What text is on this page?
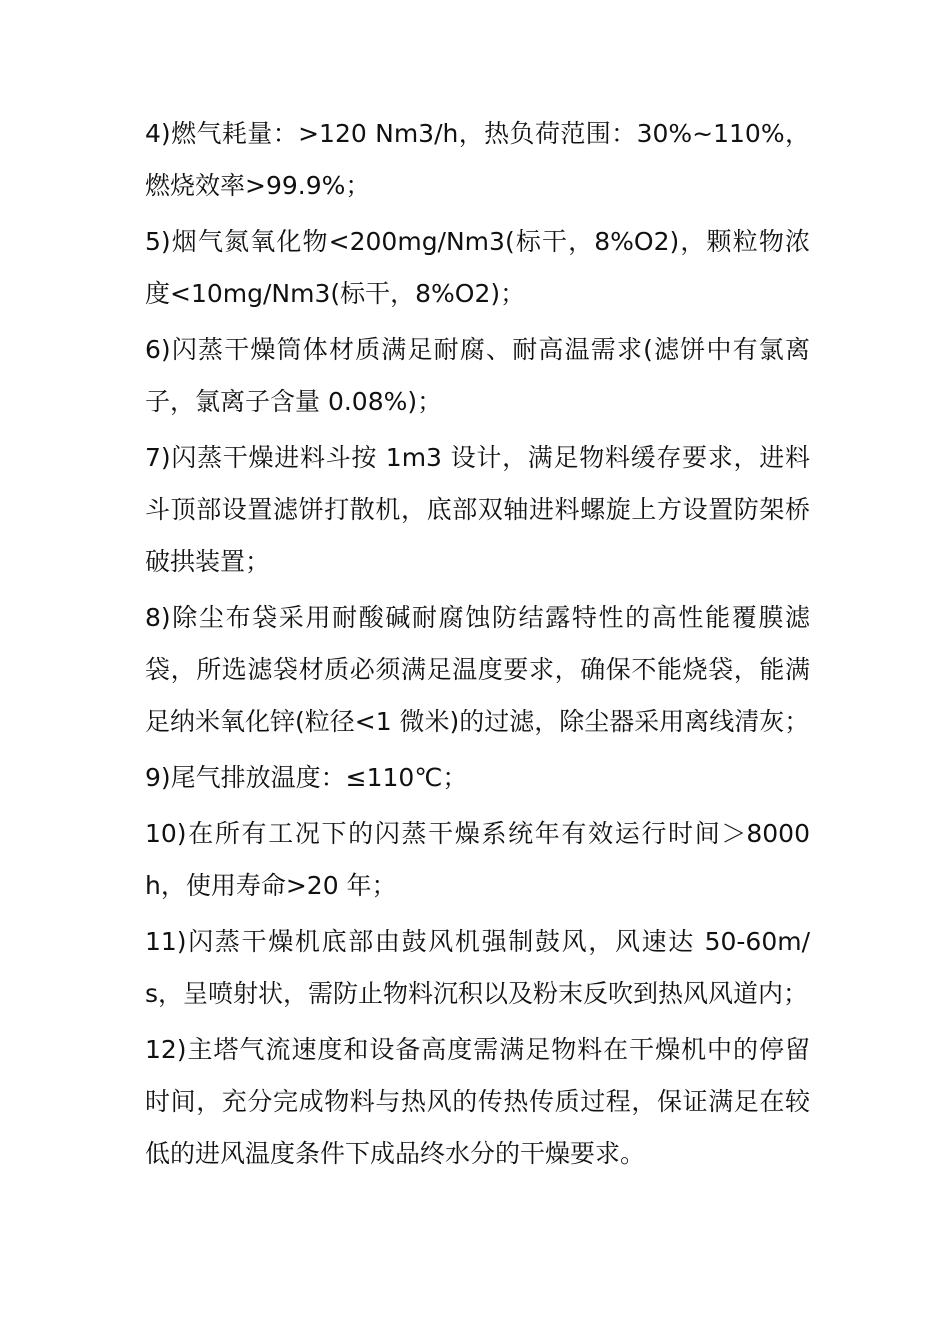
4)燃气耗量：>120 Nm3/h，热负荷范围：30%~110%，燃烧效率>99.9%；

5)烟气氮氧化物<200mg/Nm3(标干，8%O2)，颗粒物浓度<10mg/Nm3(标干，8%O2)；

6)闪蒸干燥筒体材质满足耐腐、耐高温需求(滤饼中有氯离子，氯离子含量 0.08%)；

7)闪蒸干燥进料斗按 1m3 设计，满足物料缓存要求，进料斗顶部设置滤饼打散机，底部双轴进料螺旋上方设置防架桥破拱装置；

8)除尘布袋采用耐酸碱耐腐蚀防结露特性的高性能覆膜滤袋，所选滤袋材质必须满足温度要求，确保不能烧袋，能满足纳米氧化锌(粒径<1 微米)的过滤，除尘器采用离线清灰；

9)尾气排放温度：≤110℃；

10)在所有工况下的闪蒸干燥系统年有效运行时间＞8000h，使用寿命>20 年；

11)闪蒸干燥机底部由鼓风机强制鼓风，风速达 50-60m/s，呈喷射状，需防止物料沉积以及粉末反吹到热风风道内；

12)主塔气流速度和设备高度需满足物料在干燥机中的停留时间，充分完成物料与热风的传热传质过程，保证满足在较低的进风温度条件下成品终水分的干燥要求。
